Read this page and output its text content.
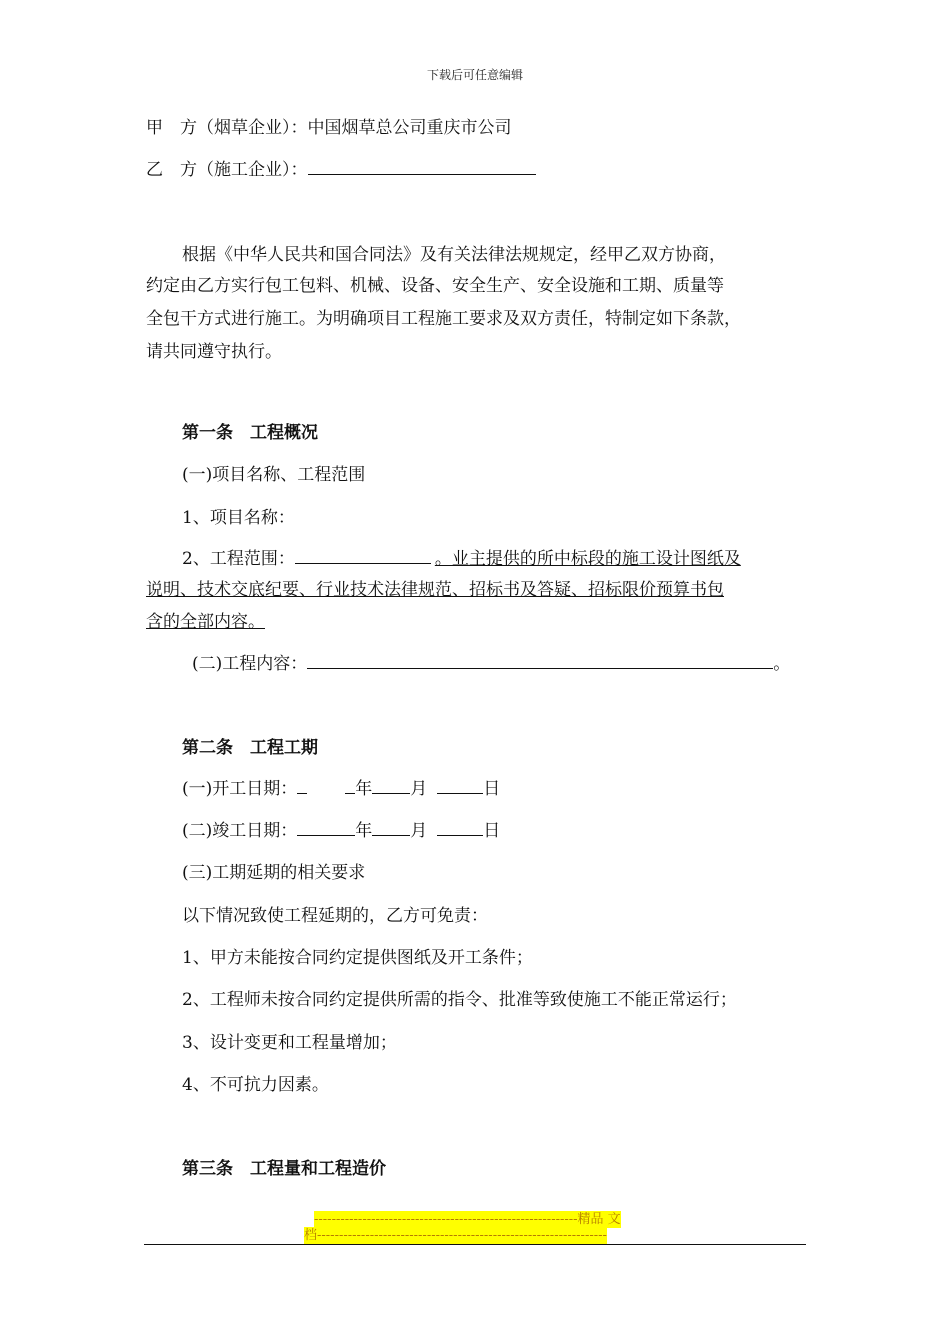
下载后可任意编辑
甲　方（烟草企业）：中国烟草总公司重庆市公司
乙　方（施工企业）：
根据《中华人民共和国合同法》及有关法律法规规定，经甲乙双方协商，
约定由乙方实行包工包料、机械、设备、安全生产、安全设施和工期、质量等
全包干方式进行施工。为明确项目工程施工要求及双方责任，特制定如下条款，
请共同遵守执行。
第一条　工程概况
(一)项目名称、工程范围
1、项目名称：
2、工程范围：	。业主提供的所中标段的施工设计图纸及
说明、技术交底纪要、行业技术法律规范、招标书及答疑、招标限价预算书包
含的全部内容。
(二)工程内容：	。
第二条　工程工期
(一)开工日期：	年 月	日
(二)竣工日期：	年 月	日
(三)工期延期的相关要求
以下情况致使工程延期的，乙方可免责：
1、甲方未能按合同约定提供图纸及开工条件；
2、工程师未按合同约定提供所需的指令、批准等致使施工不能正常运行；
3、设计变更和工程量增加；
4、不可抗力因素。
第三条　工程量和工程造价
------------------------------------------------------------精品 文
档------------------------------------------------------------------
